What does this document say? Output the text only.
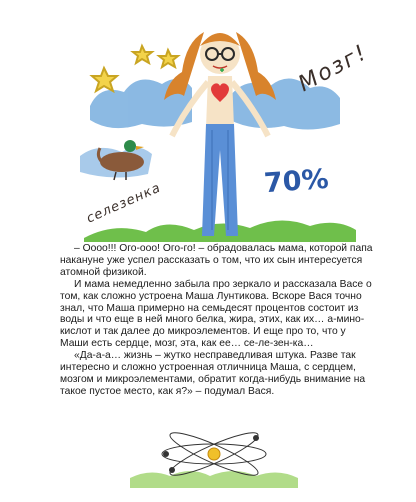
Мозг!
селезенка	70%

– Оооо!!! Ого-ооо! Ого-го! – обрадовалась мама, которой папа накануне уже успел рассказать о том, что их сын интересуется атомной физикой.

И мама немедленно забыла про зеркало и рассказала Васе о том, как сложно устроена Маша Лунтикова. Вскоре Вася точно знал, что Маша примерно на семьдесят процентов состоит из воды и что еще в ней много белка, жира, этих, как их… а-мино-кислот и так далее до микроэлементов. И еще про то, что у Маши есть сердце, мозг, эта, как ее… се-ле-зен-ка…

«Да-а-а… жизнь – жутко несправедливая штука. Разве так интересно и сложно устроенная отличница Маша, с сердцем, мозгом и микроэлементами, обратит когда-нибудь внимание на такое пустое место, как я?» – подумал Вася.
